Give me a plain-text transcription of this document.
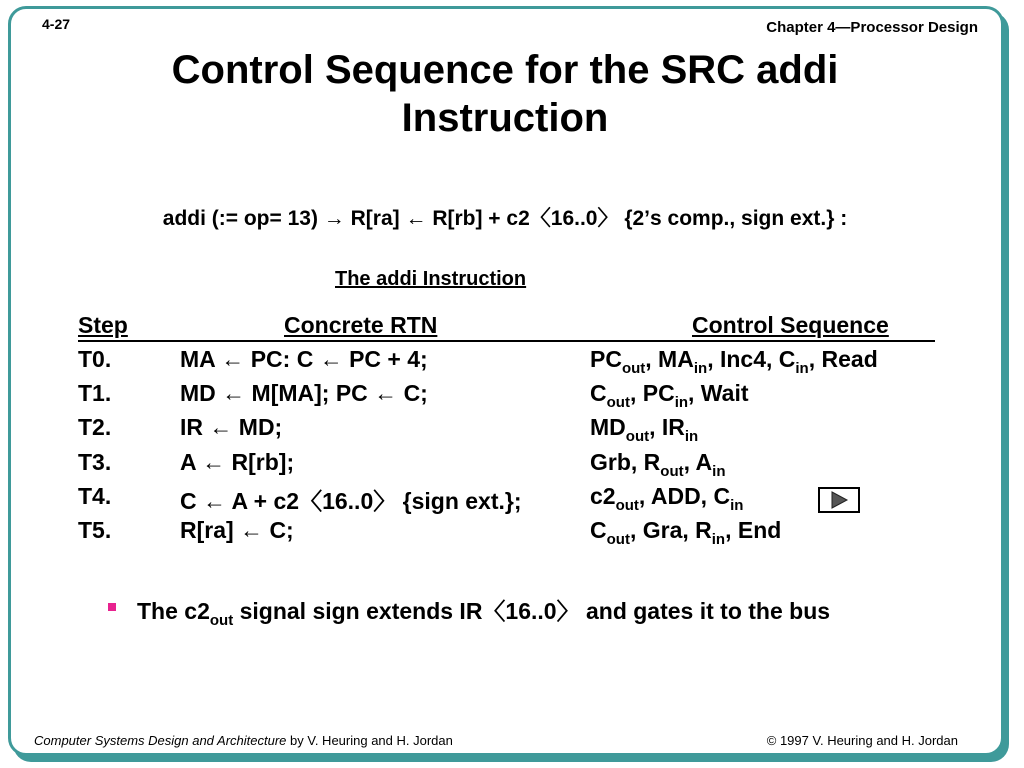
4-27	Chapter 4—Processor Design
Control Sequence for the SRC addi
Instruction
addi (:= op= 13) → R[ra] ← R[rb] + c2〈16..0〉 {2’s comp., sign ext.} :
The addi Instruction
Step	Concrete RTN	Control Sequence
T0.	MA ← PC: C ← PC + 4;	$PC_{out}$, $MA_{in}$, Inc4, $C_{in}$, Read
T1.	MD ← M[MA]; PC ← C;	$C_{out}$, $PC_{in}$, Wait
T2.	IR ← MD;	$MD_{out}$, $IR_{in}$
T3.	A ← R[rb];	Grb, $R_{out}$, $A_{in}$
T4.	C ← A + c2〈16..0〉 {sign ext.};	$c2_{out}$, ADD, $C_{in}$
T5.	R[ra] ← C;	$C_{out}$, Gra, $R_{in}$, End
The $c2_{out}$ signal sign extends IR〈16..0〉 and gates it to the bus
Computer Systems Design and Architecture by V. Heuring and H. Jordan	© 1997 V. Heuring and H. Jordan
